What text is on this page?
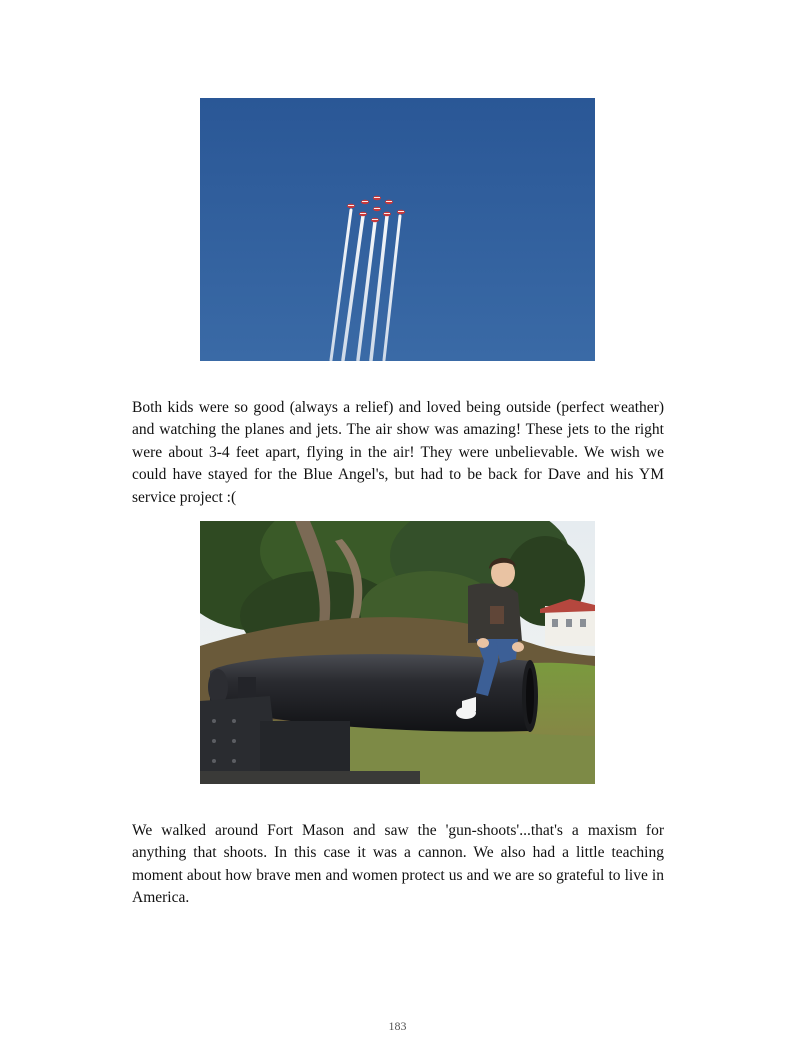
Both kids were so good (always a relief) and loved being outside (perfect weather) and watching the planes and jets. The air show was amazing! These jets to the right were about 3-4 feet apart, flying in the air! They were unbelievable. We wish we could have stayed for the Blue Angel's, but had to be back for Dave and his YM service project :(

We walked around Fort Mason and saw the 'gun-shoots'...that's a maxism for anything that shoots. In this case it was a cannon. We also had a little teaching moment about how brave men and women protect us and we are so grateful to live in America.

183
